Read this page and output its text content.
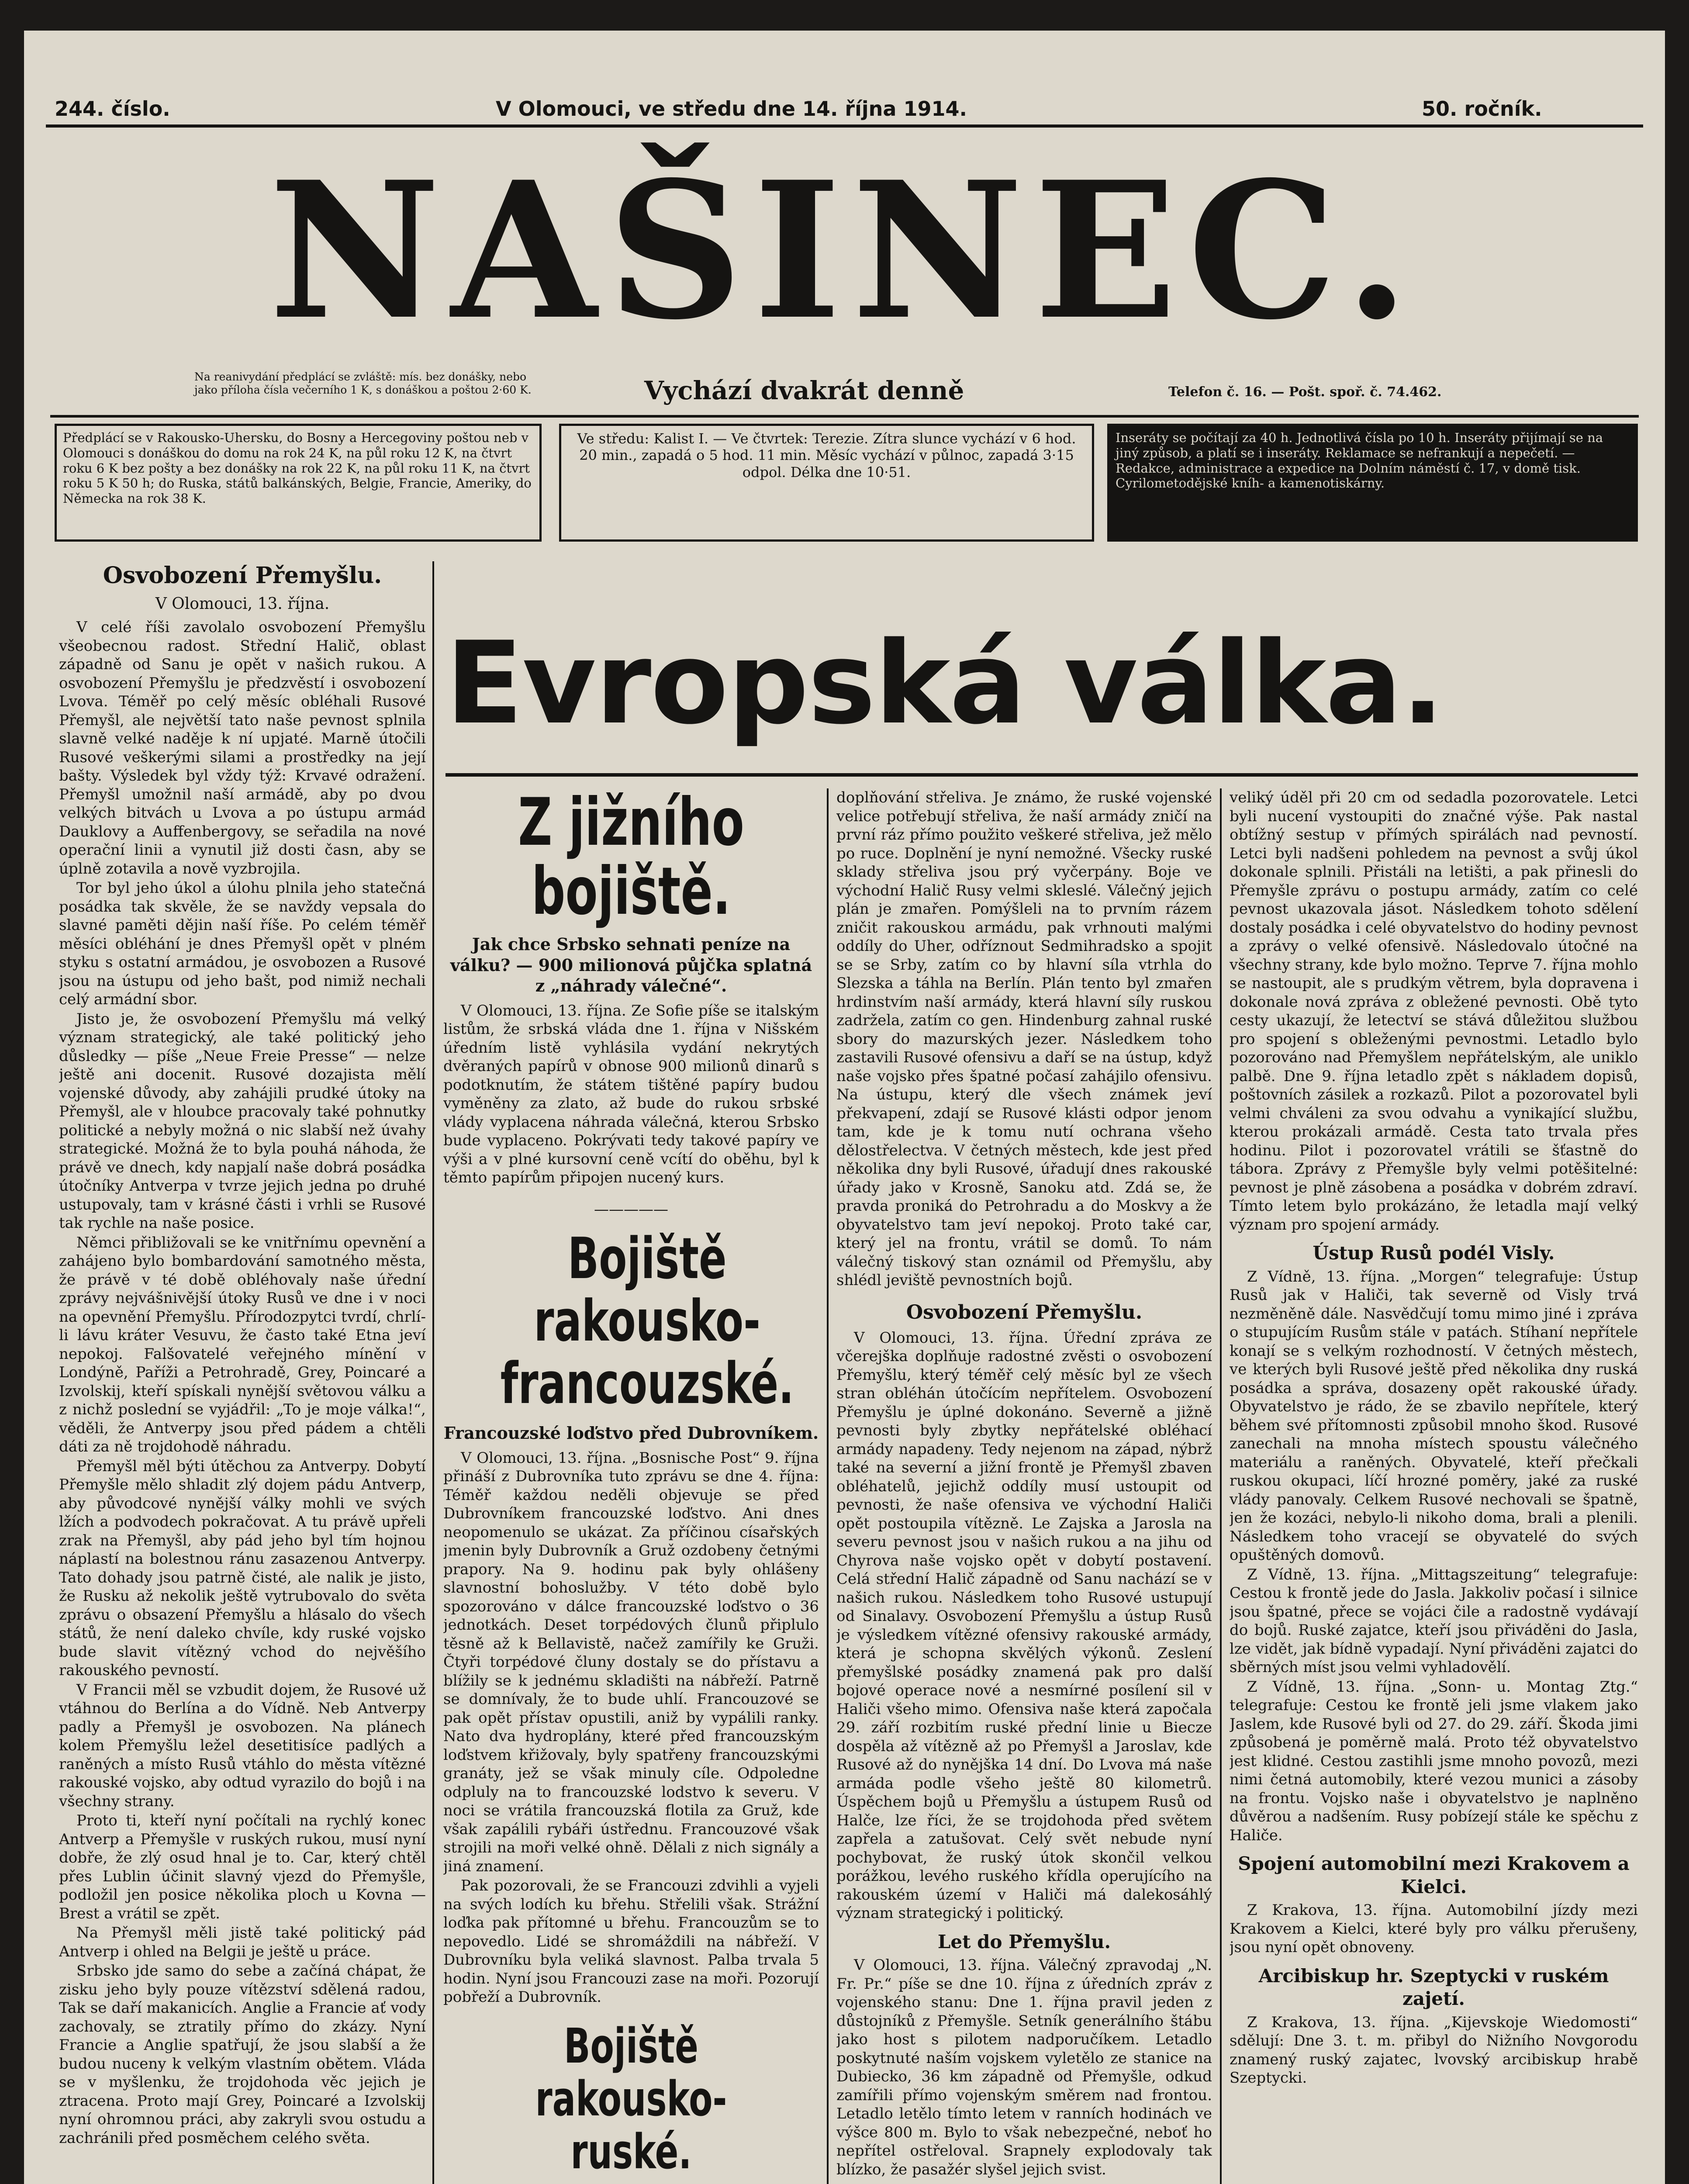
244. číslo.	V Olomouci, ve středu dne 14. října 1914.	50. ročník.
NAŠINEC.
Na reanivydání předplácí se zvláště: mís. bez donášky, nebo jako příloha čísla večerního 1 K, s donáškou a poštou 2·60 K.	Vychází dvakrát denně	Telefon č. 16. — Pošt. spoř. č. 74.462.
Předplácí se v Rakousko-Uhersku, do Bosny a Hercegoviny poštou neb v Olomouci s donáškou do domu na rok 24 K, na půl roku 12 K, na čtvrt roku 6 K bez pošty a bez donášky na rok 22 K, na půl roku 11 K, na čtvrt roku 5 K 50 h; do Ruska, států balkánských, Belgie, Francie, Ameriky, do Německa na rok 38 K.
Ve středu: Kalist I. — Ve čtvrtek: Terezie. Zítra slunce vychází v 6 hod. 20 min., zapadá o 5 hod. 11 min. Měsíc vychází v půlnoc, zapadá 3·15 odpol. Délka dne 10·51.
Inseráty se počítají za 40 h. Jednotlivá čísla po 10 h. Inseráty přijímají se na jiný způsob, a platí se i inseráty. Reklamace se nefrankují a nepečetí. — Redakce, administrace a expedice na Dolním náměstí č. 17, v domě tisk. Cyrilometodějské kníh- a kamenotiskárny.
Osvobození Přemyšlu.
V Olomouci, 13. října.

V celé říši zavolalo osvobození Přemyšlu všeobecnou radost. Střední Halič, oblast západně od Sanu je opět v našich rukou. A osvobození Přemyšlu je předzvěstí i osvobození Lvova. Téměř po celý měsíc obléhali Rusové Přemyšl, ale největší tato naše pevnost splnila slavně velké naděje k ní upjaté. Marně útočili Rusové veškerými silami a prostředky na její bašty. Výsledek byl vždy týž: Krvavé odražení. Přemyšl umožnil naší armádě, aby po dvou velkých bitvách u Lvova a po ústupu armád Dauklovy a Auffenbergovy, se seřadila na nové operační linii a vynutil již dosti časn, aby se úplně zotavila a nově vyzbrojila.

Tor byl jeho úkol a úlohu plnila jeho statečná posádka tak skvěle, že se navždy vepsala do slavné paměti dějin naší říše. Po celém téměř měsíci obléhání je dnes Přemyšl opět v plném styku s ostatní armádou, je osvobozen a Rusové jsou na ústupu od jeho bašt, pod nimiž nechali celý armádní sbor.

Jisto je, že osvobození Přemyšlu má velký význam strategický, ale také politický jeho důsledky — píše „Neue Freie Presse“ — nelze ještě ani docenit. Rusové dozajista mělí vojenské důvody, aby zahájili prudké útoky na Přemyšl, ale v hloubce pracovaly také pohnutky politické a nebyly možná o nic slabší než úvahy strategické. Možná že to byla pouhá náhoda, že právě ve dnech, kdy napjalí naše dobrá posádka útočníky Antverpa v tvrze jejich jedna po druhé ustupovaly, tam v krásné části i vrhli se Rusové tak rychle na naše posice.

Němci přibližovali se ke vnitřnímu opevnění a zahájeno bylo bombardování samotného města, že právě v té době obléhovaly naše úřední zprávy nejvášnivější útoky Rusů ve dne i v noci na opevnění Přemyšlu. Přírodozpytci tvrdí, chrlí-li lávu kráter Vesuvu, že často také Etna jeví nepokoj. Falšovatelé veřejného mínění v Londýně, Paříži a Petrohradě, Grey, Poincaré a Izvolskij, kteří spískali nynější světovou válku a z nichž poslední se vyjádřil: „To je moje válka!“, věděli, že Antverpy jsou před pádem a chtěli dáti za ně trojdohodě náhradu.

Přemyšl měl býti útěchou za Antverpy. Dobytí Přemyšle mělo shladit zlý dojem pádu Antverp, aby původcové nynější války mohli ve svých lžích a podvodech pokračovat. A tu právě upřeli zrak na Přemyšl, aby pád jeho byl tím hojnou náplastí na bolestnou ránu zasazenou Antverpy. Tato dohady jsou patrně čisté, ale nalik je jisto, že Rusku až nekolik ještě vytrubovalo do světa zprávu o obsazení Přemyšlu a hlásalo do všech států, že není daleko chvíle, kdy ruské vojsko bude slavit vítězný vchod do nejvěšího rakouského pevností.

V Francii měl se vzbudit dojem, že Rusové už vtáhnou do Berlína a do Vídně. Neb Antverpy padly a Přemyšl je osvobozen. Na plánech kolem Přemyšlu ležel desetitisíce padlých a raněných a místo Rusů vtáhlo do města vítězné rakouské vojsko, aby odtud vyrazilo do bojů i na všechny strany.

Proto ti, kteří nyní počítali na rychlý konec Antverp a Přemyšle v ruských rukou, musí nyní dobře, že zlý osud hnal je to. Car, který chtěl přes Lublin účinit slavný vjezd do Přemyšle, podložil jen posice několika ploch u Kovna — Brest a vrátil se zpět.

Na Přemyšl měli jistě také politický pád Antverp i ohled na Belgii je ještě u práce.

Srbsko jde samo do sebe a začíná chápat, že zisku jeho byly pouze vítězství sdělená radou, Tak se daří makanicích. Anglie a Francie ať vody zachovaly, se ztratily přímo do zkázy. Nyní Francie a Anglie spatřují, že jsou slabší a že budou nuceny k velkým vlastním obětem. Vláda se v myšlenku, že trojdohoda věc jejich je ztracena. Proto mají Grey, Poincaré a Izvolskij nyní ohromnou práci, aby zakryli svou ostudu a zachránili před posměchem celého světa.

Evropská válka.
Z jižního bojiště.
Jak chce Srbsko sehnati peníze na válku? — 900 milionová půjčka splatná z „náhrady válečné“.

V Olomouci, 13. října. Ze Sofie píše se italským listům, že srbská vláda dne 1. října v Nišském úředním listě vyhlásila vydání nekrytých dvěraných papírů v obnose 900 milionů dinarů s podotknutím, že státem tištěné papíry budou vyměněny za zlato, až bude do rukou srbské vlády vyplacena náhrada válečná, kterou Srbsko bude vyplaceno. Pokrývati tedy takové papíry ve výši a v plné kursovní ceně vcítí do oběhu, byl k těmto papírům připojen nucený kurs.

—————
Bojiště rakousko-francouzské.
Francouzské loďstvo před Dubrovníkem.

V Olomouci, 13. října. „Bosnische Post“ 9. října přináší z Dubrovníka tuto zprávu se dne 4. října: Téměř každou neděli objevuje se před Dubrovníkem francouzské loďstvo. Ani dnes neopomenulo se ukázat. Za příčinou císařských jmenin byly Dubrovník a Gruž ozdobeny četnými prapory. Na 9. hodinu pak byly ohlášeny slavnostní bohoslužby. V této době bylo spozorováno v dálce francouzské loďstvo o 36 jednotkách. Deset torpédových člunů připlulo těsně až k Bellavistě, načež zamířily ke Gruži. Čtyři torpédové čluny dostaly se do přístavu a blížily se k jednému skladišti na nábřeží. Patrně se domnívaly, že to bude uhlí. Francouzové se pak opět přístav opustili, aniž by vypálili ranky. Nato dva hydroplány, které před francouzským loďstvem křižovaly, byly spatřeny francouzskými granáty, jež se však minuly cíle. Odpoledne odpluly na to francouzské lodstvo k severu. V noci se vrátila francouzská flotila za Gruž, kde však zapálili rybáři ústřednu. Francouzové však strojili na moři velké ohně. Dělali z nich signály a jiná znamení.

Pak pozorovali, že se Francouzi zdvihli a vyjeli na svých lodích ku břehu. Střelili však. Strážní loďka pak přítomné u břehu. Francouzům se to nepovedlo. Lidé se shromáždili na nábřeží. V Dubrovníku byla veliká slavnost. Palba trvala 5 hodin. Nyní jsou Francouzi zase na moři. Pozorují pobřeží a Dubrovník.

Bojiště rakousko-ruské.

doplňování střeliva. Je známo, že ruské vojenské velice potřebují střeliva, že naší armády zničí na první ráz přímo použito veškeré střeliva, jež mělo po ruce. Doplnění je nyní nemožné. Všecky ruské sklady střeliva jsou prý vyčerpány. Boje ve východní Halič Rusy velmi skleslé. Válečný jejich plán je zmařen. Pomýšleli na to prvním rázem zničit rakouskou armádu, pak vrhnouti malými oddíly do Uher, odříznout Sedmihradsko a spojit se se Srby, zatím co by hlavní síla vtrhla do Slezska a táhla na Berlín. Plán tento byl zmařen hrdinstvím naší armády, která hlavní síly ruskou zadržela, zatím co gen. Hindenburg zahnal ruské sbory do mazurských jezer. Následkem toho zastavili Rusové ofensivu a daří se na ústup, když naše vojsko přes špatné počasí zahájilo ofensivu. Na ústupu, který dle všech známek jeví překvapení, zdají se Rusové klásti odpor jenom tam, kde je k tomu nutí ochrana všeho dělostřelectva. V četných městech, kde jest před několika dny byli Rusové, úřadují dnes rakouské úřady jako v Krosně, Sanoku atd. Zdá se, že pravda proniká do Petrohradu a do Moskvy a že obyvatelstvo tam jeví nepokoj. Proto také car, který jel na frontu, vrátil se domů. To nám válečný tiskový stan oznámil od Přemyšlu, aby shlédl jeviště pevnostních bojů.

Osvobození Přemyšlu.

V Olomouci, 13. října. Úřední zpráva ze včerejška doplňuje radostné zvěsti o osvobození Přemyšlu, který téměř celý měsíc byl ze všech stran obléhán útočícím nepřítelem. Osvobození Přemyšlu je úplné dokonáno. Severně a jižně pevnosti byly zbytky nepřátelské obléhací armády napadeny. Tedy nejenom na západ, nýbrž také na severní a jižní frontě je Přemyšl zbaven obléhatelů, jejichž oddíly musí ustoupit od pevnosti, že naše ofensiva ve východní Haliči opět postoupila vítězně. Le Zajska a Jarosla na severu pevnost jsou v našich rukou a na jihu od Chyrova naše vojsko opět v dobytí postavení. Celá střední Halič západně od Sanu nachází se v našich rukou. Následkem toho Rusové ustupují od Sinalavy. Osvobození Přemyšlu a ústup Rusů je výsledkem vítězné ofensivy rakouské armády, která je schopna skvělých výkonů. Zeslení přemyšlské posádky znamená pak pro další bojové operace nové a nesmírné posílení sil v Haliči všeho mimo. Ofensiva naše která započala 29. září rozbitím ruské přední linie u Biecze dospěla až vítězně až po Přemyšl a Jaroslav, kde Rusové až do nynějška 14 dní. Do Lvova má naše armáda podle všeho ještě 80 kilometrů. Úspěchem bojů u Přemyšlu a ústupem Rusů od Halče, lze říci, že se trojdohoda před světem zapřela a zatušovat. Celý svět nebude nyní pochybovat, že ruský útok skončil velkou porážkou, levého ruského křídla operujícího na rakouském území v Haliči má dalekosáhlý význam strategický i politický.

Let do Přemyšlu.

V Olomouci, 13. října. Válečný zpravodaj „N. Fr. Pr.“ píše se dne 10. října z úředních zpráv z vojenského stanu: Dne 1. října pravil jeden z důstojníků z Přemyšle. Setník generálního štábu jako host s pilotem nadporučíkem. Letadlo poskytnuté naším vojskem vyletělo ze stanice na Dubiecko, 36 km západně od Přemyšle, odkud zamířili přímo vojenským směrem nad frontou. Letadlo letělo tímto letem v ranních hodinách ve výšce 800 m. Bylo to však nebezpečné, neboť ho nepřítel ostřeloval. Srapnely explodovaly tak blízko, že pasažér slyšel jejich svist.

veliký úděl při 20 cm od sedadla pozorovatele. Letci byli nucení vystoupiti do značné výše. Pak nastal obtížný sestup v přímých spirálách nad pevností. Letci byli nadšeni pohledem na pevnost a svůj úkol dokonale splnili. Přistáli na letišti, a pak přinesli do Přemyšle zprávu o postupu armády, zatím co celé pevnost ukazovala jásot. Následkem tohoto sdělení dostaly posádka i celé obyvatelstvo do hodiny pevnost a zprávy o velké ofensivě. Následovalo útočné na všechny strany, kde bylo možno. Teprve 7. října mohlo se nastoupit, ale s prudkým větrem, byla dopravena i dokonale nová zpráva z obležené pevnosti. Obě tyto cesty ukazují, že letectví se stává důležitou službou pro spojení s obleženými pevnostmi. Letadlo bylo pozorováno nad Přemyšlem nepřátelským, ale uniklo palbě. Dne 9. října letadlo zpět s nákladem dopisů, poštovních zásilek a rozkazů. Pilot a pozorovatel byli velmi chváleni za svou odvahu a vynikající službu, kterou prokázali armádě. Cesta tato trvala přes hodinu. Pilot i pozorovatel vrátili se šťastně do tábora. Zprávy z Přemyšle byly velmi potěšitelné: pevnost je plně zásobena a posádka v dobrém zdraví. Tímto letem bylo prokázáno, že letadla mají velký význam pro spojení armády.

Ústup Rusů podél Visly.

Z Vídně, 13. října. „Morgen“ telegrafuje: Ústup Rusů jak v Haliči, tak severně od Visly trvá nezměněně dále. Nasvědčují tomu mimo jiné i zpráva o stupujícím Rusům stále v patách. Stíhaní nepřítele konají se s velkým rozhodností. V četných městech, ve kterých byli Rusové ještě před několika dny ruská posádka a správa, dosazeny opět rakouské úřady. Obyvatelstvo je rádo, že se zbavilo nepřítele, který během své přítomnosti způsobil mnoho škod. Rusové zanechali na mnoha místech spoustu válečného materiálu a raněných. Obyvatelé, kteří přečkali ruskou okupaci, líčí hrozné poměry, jaké za ruské vlády panovaly. Celkem Rusové nechovali se špatně, jen že kozáci, nebylo-li nikoho doma, brali a plenili. Následkem toho vracejí se obyvatelé do svých opuštěných domovů.

Z Vídně, 13. října. „Mittagszeitung“ telegrafuje: Cestou k frontě jede do Jasla. Jakkoliv počasí i silnice jsou špatné, přece se vojáci čile a radostně vydávají do bojů. Ruské zajatce, kteří jsou přiváděni do Jasla, lze vidět, jak bídně vypadají. Nyní přiváděni zajatci do sběrných míst jsou velmi vyhladovělí.

Z Vídně, 13. října. „Sonn- u. Montag Ztg.“ telegrafuje: Cestou ke frontě jeli jsme vlakem jako Jaslem, kde Rusové byli od 27. do 29. září. Škoda jimi způsobená je poměrně malá. Proto též obyvatelstvo jest klidné. Cestou zastihli jsme mnoho povozů, mezi nimi četná automobily, které vezou munici a zásoby na frontu. Vojsko naše i obyvatelstvo je naplněno důvěrou a nadšením. Rusy pobízejí stále ke spěchu z Haliče.

Spojení automobilní mezi Krakovem a Kielci.

Z Krakova, 13. října. Automobilní jízdy mezi Krakovem a Kielci, které byly pro válku přerušeny, jsou nyní opět obnoveny.

Arcibiskup hr. Szeptycki v ruském zajetí.

Z Krakova, 13. října. „Kijevskoje Wiedomosti“ sdělují: Dne 3. t. m. přibyl do Nižního Novgorodu znamený ruský zajatec, lvovský arcibiskup hrabě Szeptycki.
